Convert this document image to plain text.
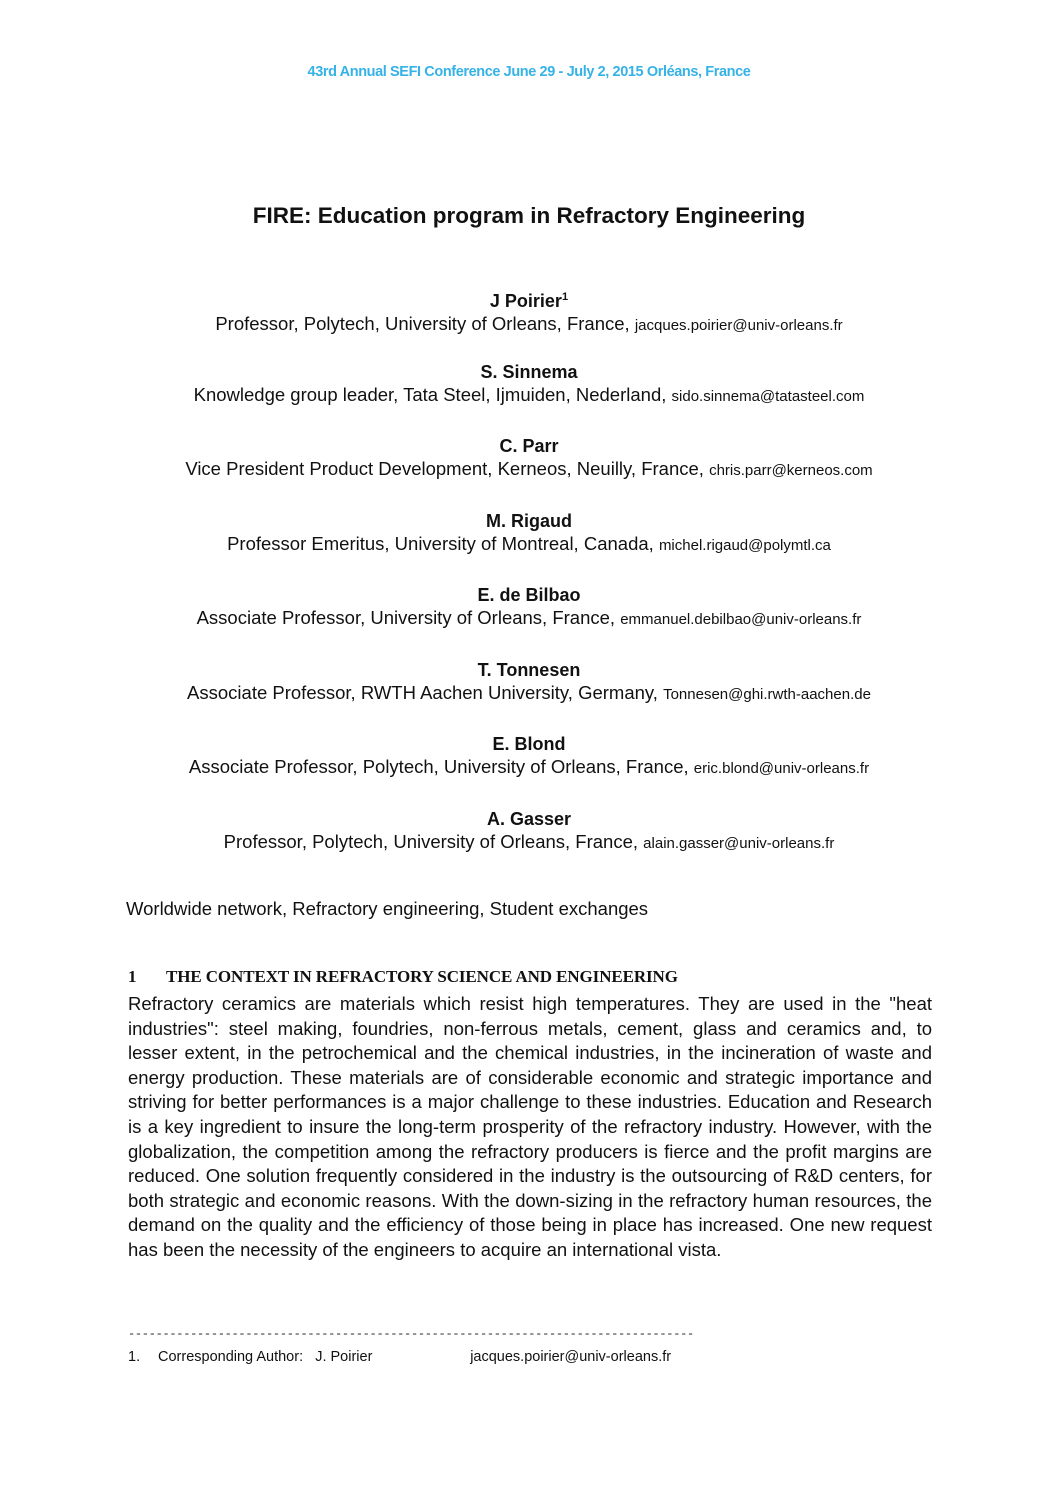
43rd Annual SEFI Conference June 29 - July 2, 2015 Orléans, France
FIRE: Education program in Refractory Engineering
J Poirier$^1$
Professor, Polytech, University of Orleans, France, jacques.poirier@univ-orleans.fr
S. Sinnema
Knowledge group leader, Tata Steel, Ijmuiden, Nederland, sido.sinnema@tatasteel.com
C. Parr
Vice President Product Development, Kerneos, Neuilly, France, chris.parr@kerneos.com
M. Rigaud
Professor Emeritus, University of Montreal, Canada, michel.rigaud@polymtl.ca
E. de Bilbao
Associate Professor, University of Orleans, France, emmanuel.debilbao@univ-orleans.fr
T. Tonnesen
Associate Professor, RWTH Aachen University, Germany, Tonnesen@ghi.rwth-aachen.de
E. Blond
Associate Professor, Polytech, University of Orleans, France, eric.blond@univ-orleans.fr
A. Gasser
Professor, Polytech, University of Orleans, France, alain.gasser@univ-orleans.fr
Worldwide network, Refractory engineering, Student exchanges
1 THE CONTEXT IN REFRACTORY SCIENCE AND ENGINEERING
Refractory ceramics are materials which resist high temperatures. They are used in the "heat industries": steel making, foundries, non-ferrous metals, cement, glass and ceramics and, to lesser extent, in the petrochemical and the chemical industries, in the incineration of waste and energy production. These materials are of considerable economic and strategic importance and striving for better performances is a major challenge to these industries. Education and Research is a key ingredient to insure the long-term prosperity of the refractory industry. However, with the globalization, the competition among the refractory producers is fierce and the profit margins are reduced. One solution frequently considered in the industry is the outsourcing of R&D centers, for both strategic and economic reasons. With the down-sizing in the refractory human resources, the demand on the quality and the efficiency of those being in place has increased. One new request has been the necessity of the engineers to acquire an international vista.
----------------------------------------------------------------------------------
1. Corresponding Author: J. Poirier	jacques.poirier@univ-orleans.fr
